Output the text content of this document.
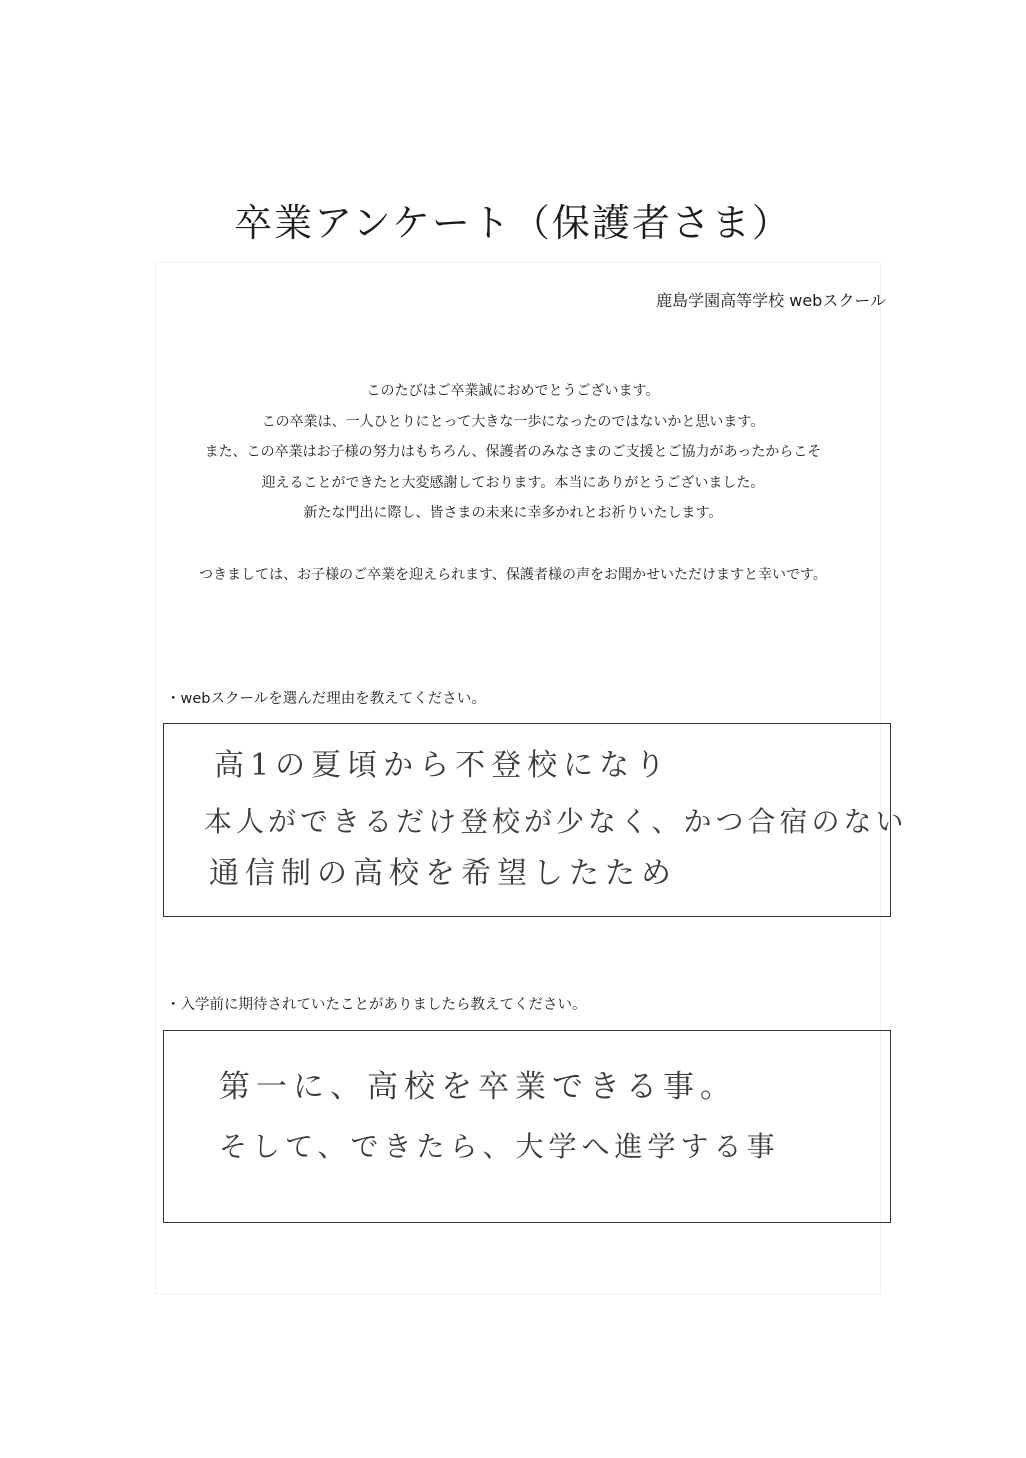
卒業アンケート（保護者さま）
鹿島学園高等学校 webスクール
このたびはご卒業誠におめでとうございます。
この卒業は、一人ひとりにとって大きな一歩になったのではないかと思います。
また、この卒業はお子様の努力はもちろん、保護者のみなさまのご支援とご協力があったからこそ
迎えることができたと大変感謝しております。本当にありがとうございました。
新たな門出に際し、皆さまの未来に幸多かれとお祈りいたします。
つきましては、お子様のご卒業を迎えられます、保護者様の声をお聞かせいただけますと幸いです。
・webスクールを選んだ理由を教えてください。
高1の夏頃から不登校になり
本人ができるだけ登校が少なく、かつ合宿のない
通信制の高校を希望したため
・入学前に期待されていたことがありましたら教えてください。
第一に、高校を卒業できる事。
そして、できたら、大学へ進学する事
